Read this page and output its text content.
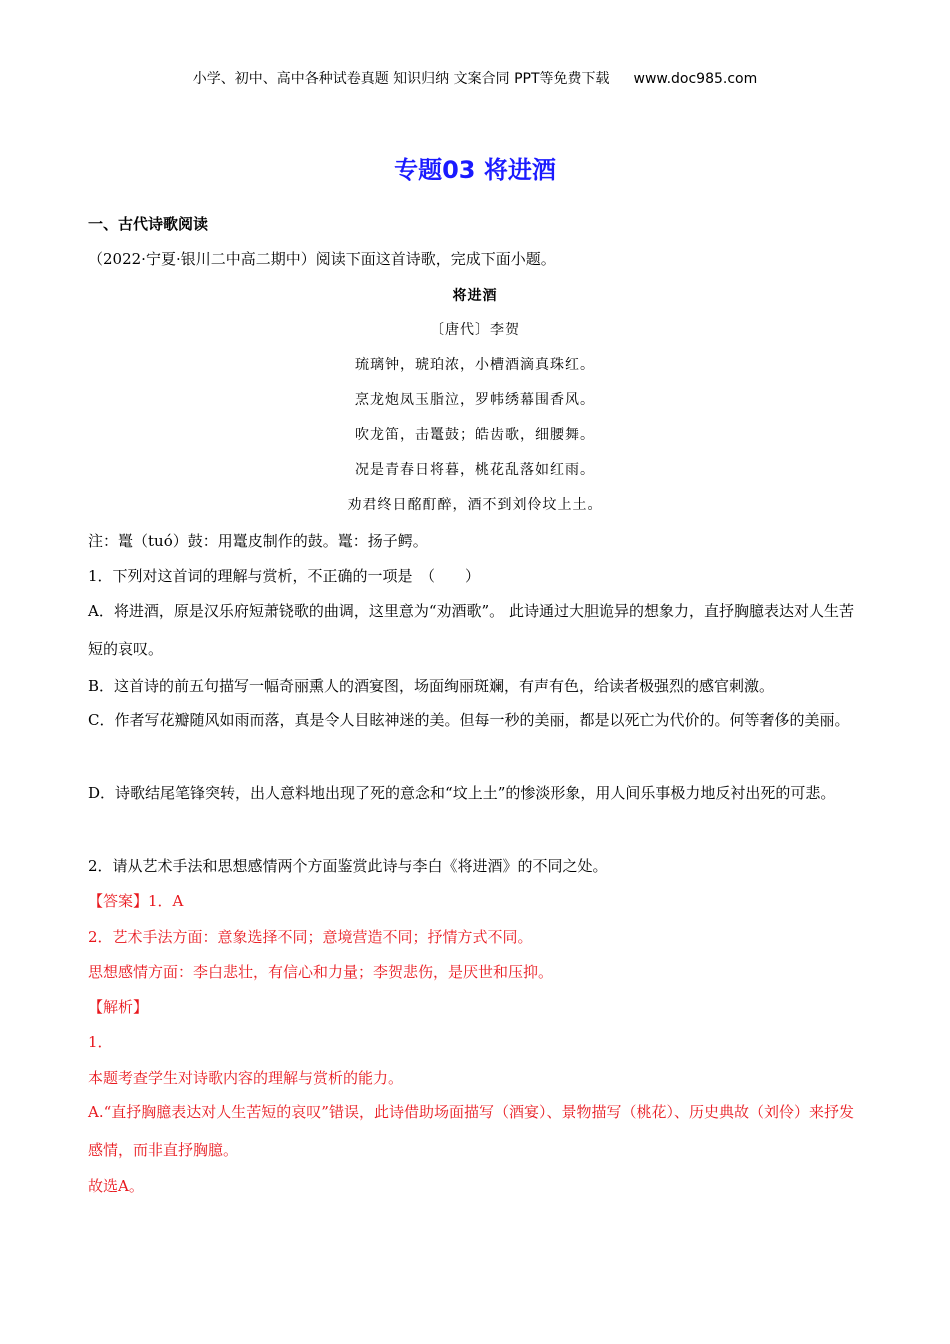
小学、初中、高中各种试卷真题 知识归纳 文案合同 PPT等免费下载 www.doc985.com
专题03 将进酒
一、古代诗歌阅读
（2022·宁夏·银川二中高二期中）阅读下面这首诗歌，完成下面小题。
将进酒
〔唐代〕李贺
琉璃钟，琥珀浓，小槽酒滴真珠红。
烹龙炮凤玉脂泣，罗帏绣幕围香风。
吹龙笛，击鼍鼓；皓齿歌，细腰舞。
况是青春日将暮，桃花乱落如红雨。
劝君终日酩酊醉，酒不到刘伶坟上土。
注：鼍（tuó）鼓：用鼍皮制作的鼓。鼍：扬子鳄。
1．下列对这首词的理解与赏析，不正确的一项是　（　　）
A．将进酒，原是汉乐府短萧铙歌的曲调，这里意为“劝酒歌”。 此诗通过大胆诡异的想象力，直抒胸臆表达对人生苦短的哀叹。
B．这首诗的前五句描写一幅奇丽熏人的酒宴图，场面绚丽斑斓，有声有色，给读者极强烈的感官刺激。
C．作者写花瓣随风如雨而落，真是令人目眩神迷的美。但每一秒的美丽，都是以死亡为代价的。何等奢侈的美丽。
D．诗歌结尾笔锋突转，出人意料地出现了死的意念和“坟上土”的惨淡形象，用人间乐事极力地反衬出死的可悲。
2．请从艺术手法和思想感情两个方面鉴赏此诗与李白《将进酒》的不同之处。
【答案】1．A
2．艺术手法方面：意象选择不同；意境营造不同；抒情方式不同。
思想感情方面：李白悲壮，有信心和力量；李贺悲伤，是厌世和压抑。
【解析】
1．
本题考查学生对诗歌内容的理解与赏析的能力。
A.“直抒胸臆表达对人生苦短的哀叹”错误，此诗借助场面描写（酒宴）、景物描写（桃花）、历史典故（刘伶）来抒发感情，而非直抒胸臆。
故选A。
